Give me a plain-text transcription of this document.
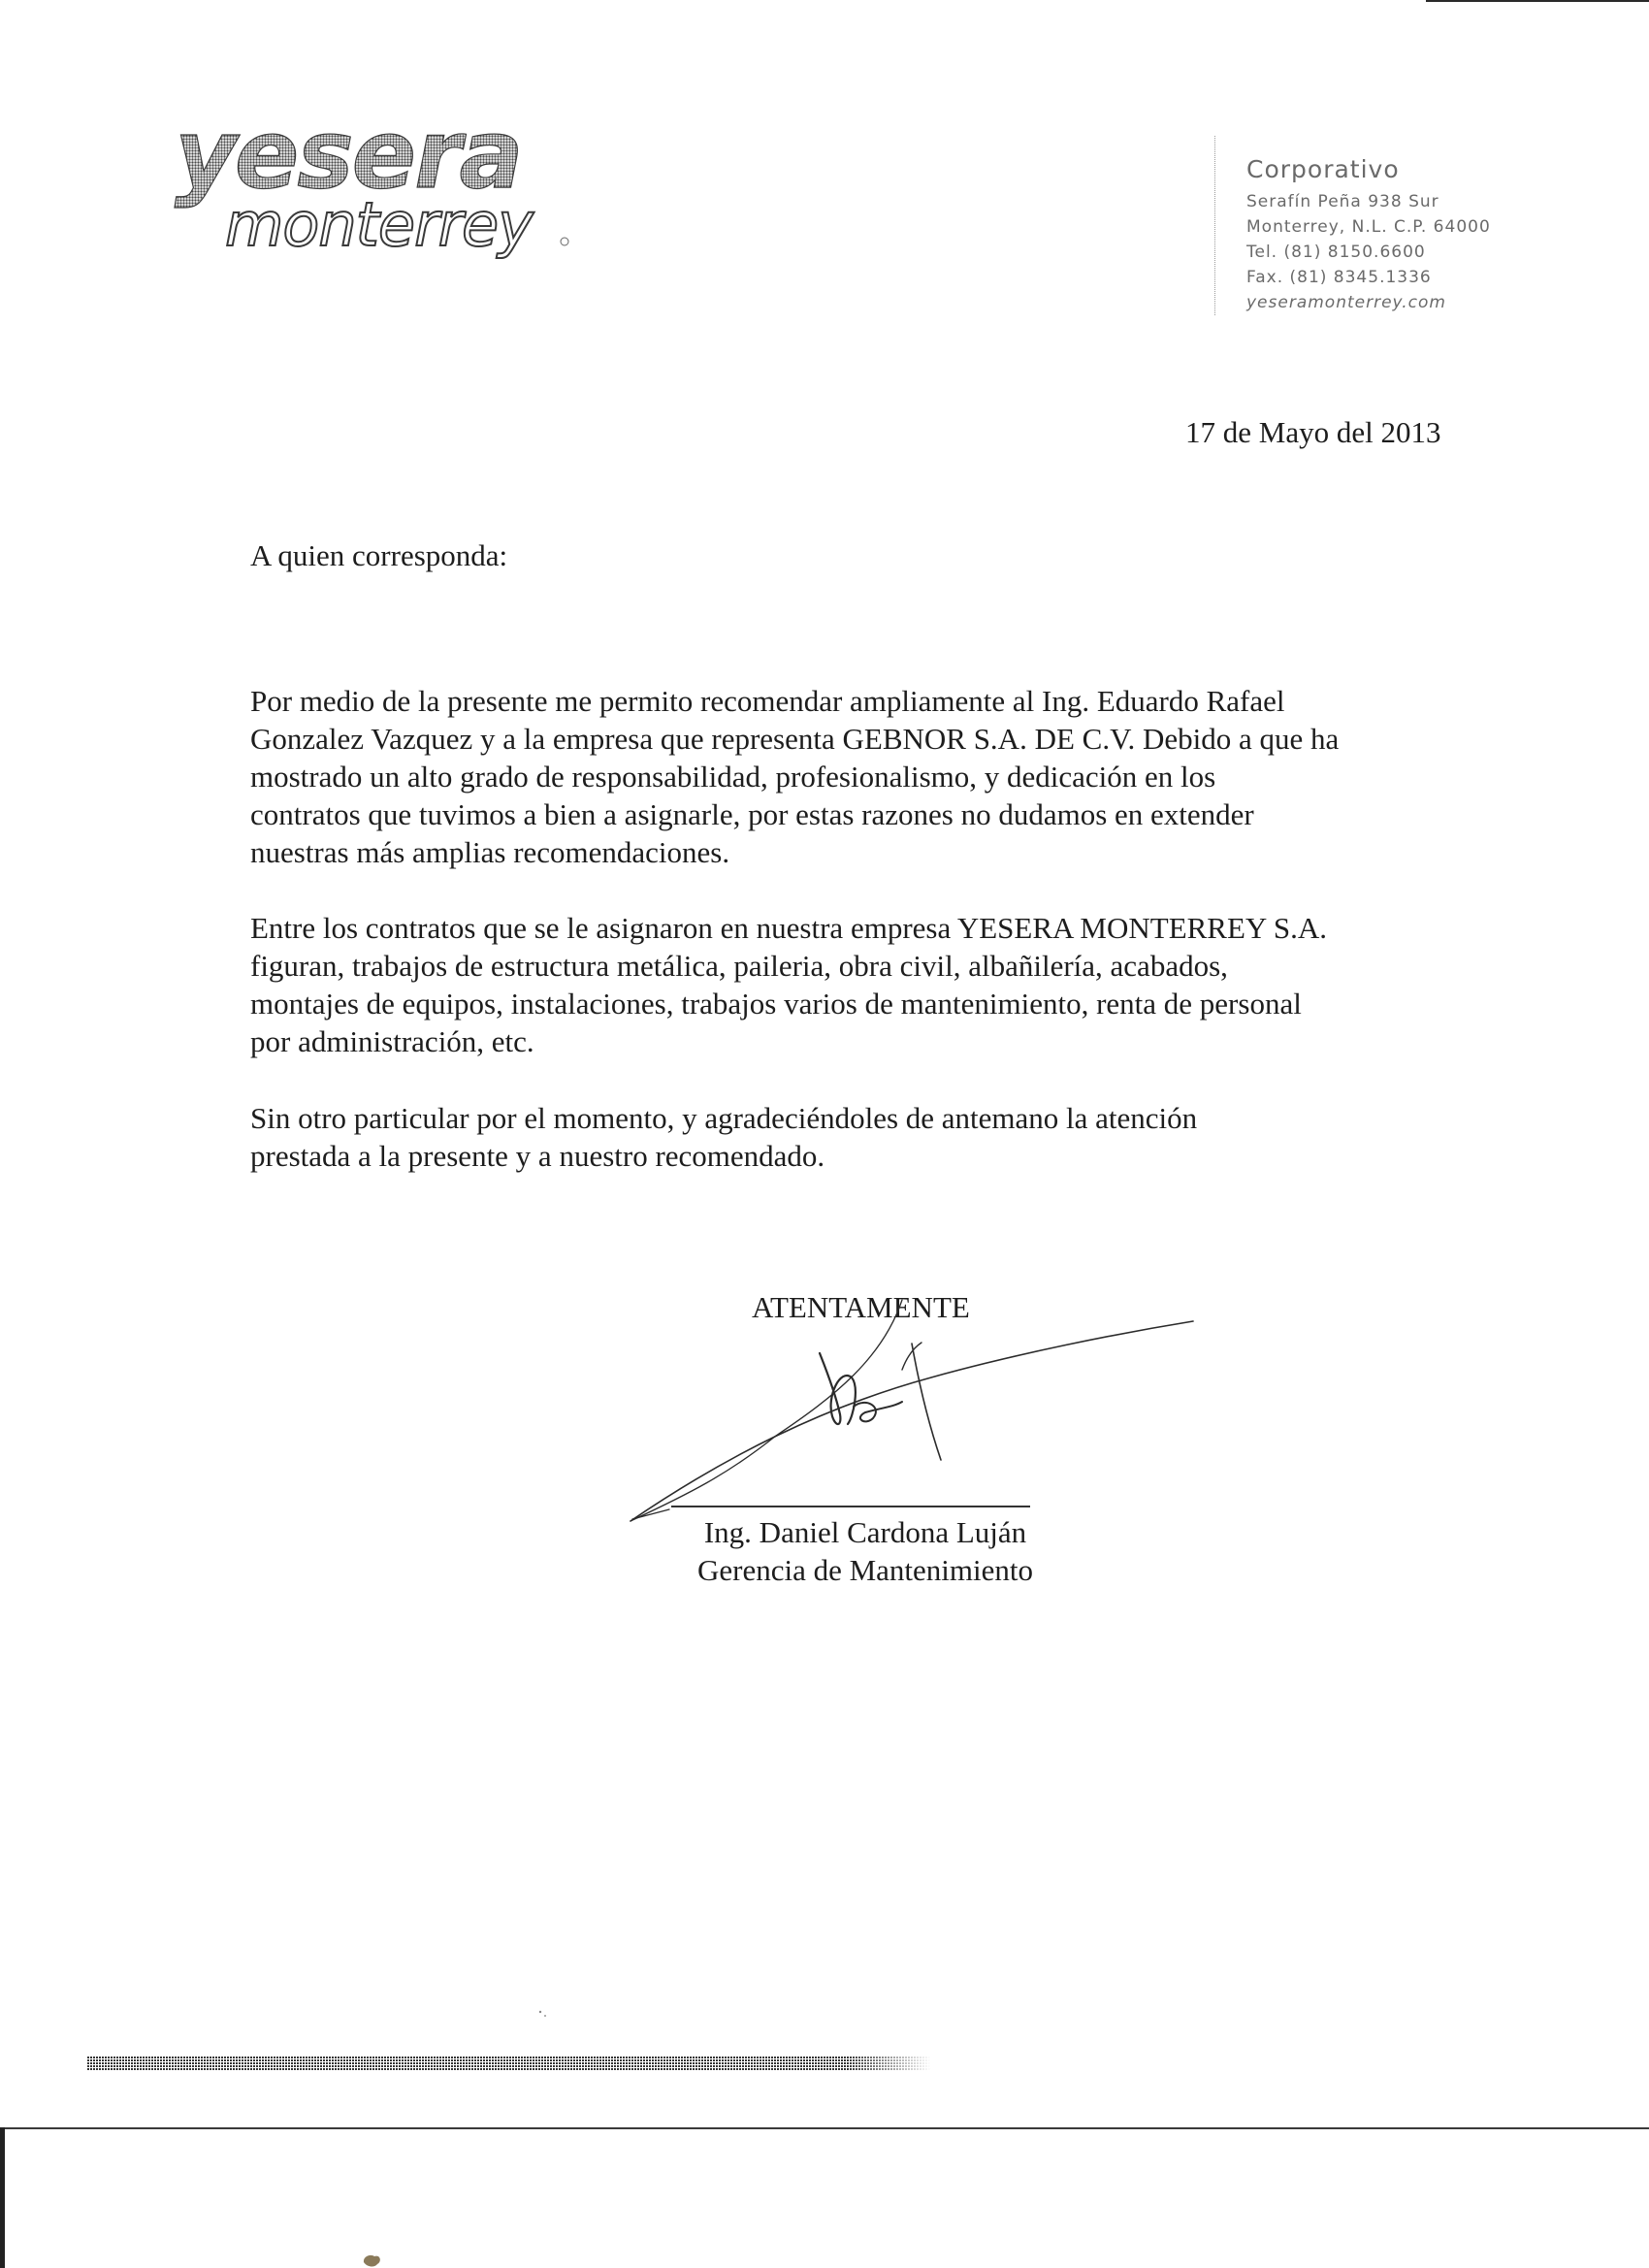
yesera
monterrey
Corporativo
Serafín Peña 938 Sur
Monterrey, N.L. C.P. 64000
Tel. (81) 8150.6600
Fax. (81) 8345.1336
yeseramonterrey.com
17 de Mayo del 2013
A quien corresponda:

Por medio de la presente me permito recomendar ampliamente al Ing. Eduardo Rafael

Gonzalez Vazquez y a la empresa que representa GEBNOR S.A. DE C.V. Debido a que ha

mostrado un alto grado de responsabilidad, profesionalismo, y dedicación en los

contratos que tuvimos a bien a asignarle, por estas razones no dudamos en extender

nuestras más amplias recomendaciones.

Entre los contratos que se le asignaron en nuestra empresa YESERA MONTERREY S.A.

figuran, trabajos de estructura metálica, paileria, obra civil, albañilería, acabados,

montajes de equipos, instalaciones, trabajos varios de mantenimiento, renta de personal

por administración, etc.

Sin otro particular por el momento, y agradeciéndoles de antemano la atención

prestada a la presente y a nuestro recomendado.

ATENTAMENTE
Ing. Daniel Cardona Luján
Gerencia de Mantenimiento
